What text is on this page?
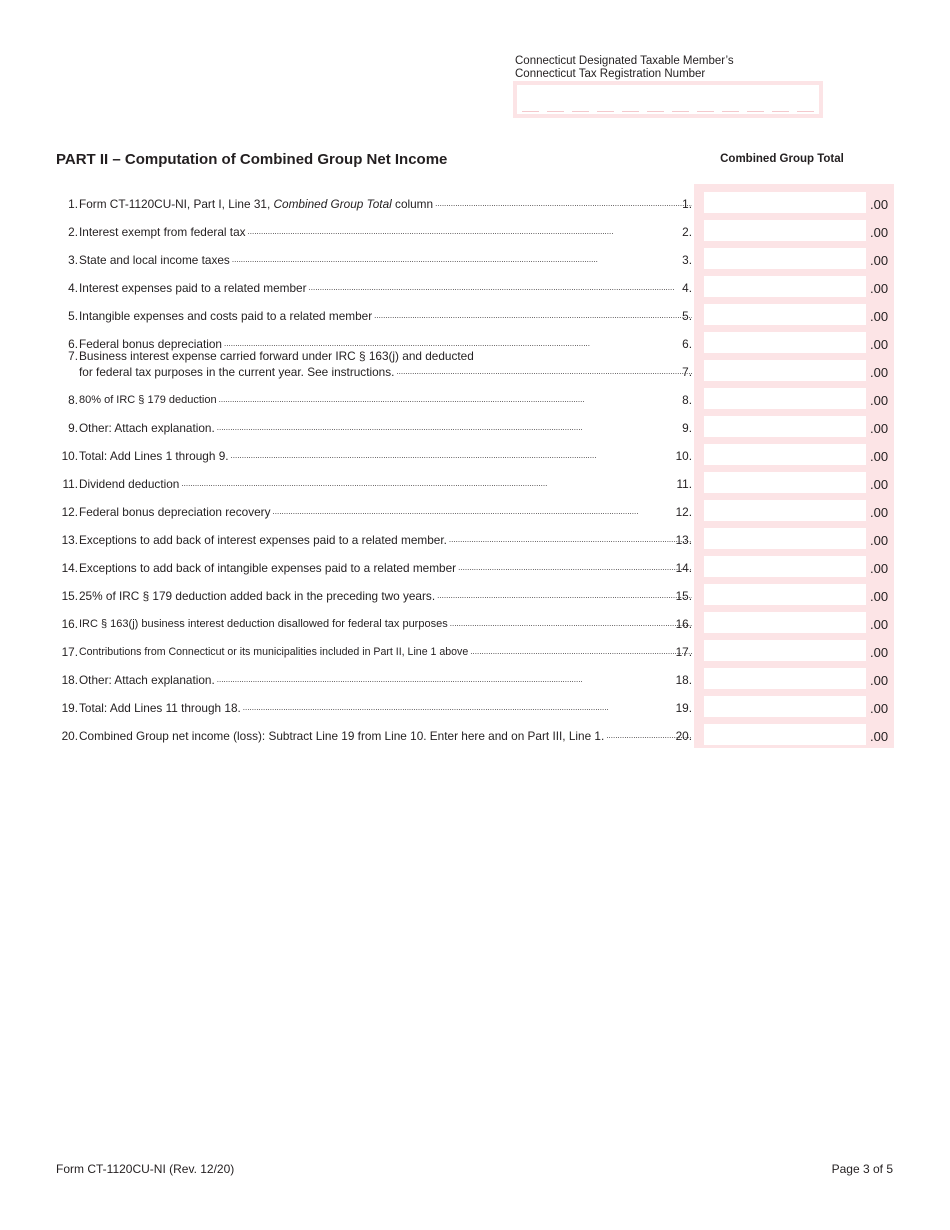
Connecticut Designated Taxable Member’s
Connecticut Tax Registration Number
PART II – Computation of Combined Group Net Income	Combined Group Total
1. Form CT-1120CU-NI, Part I, Line 31, Combined Group Total column . . .	1.	.00
2. Interest exempt from federal tax . . .	2.	.00
3. State and local income taxes . . .	3.	.00
4. Interest expenses paid to a related member . . .	4.	.00
5. Intangible expenses and costs paid to a related member . . .	5.	.00
6. Federal bonus depreciation . . .	6.	.00
7. Business interest expense carried forward under IRC § 163(j) and deducted
for federal tax purposes in the current year. See instructions. . . .	7.	.00
8. 80% of IRC § 179 deduction . . .	8.	.00
9. Other: Attach explanation. . . .	9.	.00
10. Total: Add Lines 1 through 9. . . .	10.	.00
11. Dividend deduction . . .	11.	.00
12. Federal bonus depreciation recovery . . .	12.	.00
13. Exceptions to add back of interest expenses paid to a related member. . . .	13.	.00
14. Exceptions to add back of intangible expenses paid to a related member . . .	14.	.00
15. 25% of IRC § 179 deduction added back in the preceding two years. . . .	15.	.00
16. IRC § 163(j) business interest deduction disallowed for federal tax purposes . . .	16.	.00
17. Contributions from Connecticut or its municipalities included in Part II, Line 1 above . . .	17.	.00
18. Other: Attach explanation. . . .	18.	.00
19. Total: Add Lines 11 through 18. . . .	19.	.00
20. Combined Group net income (loss): Subtract Line 19 from Line 10. Enter here and on Part III, Line 1. . . .	20.	.00
Form CT-1120CU-NI (Rev. 12/20)	Page 3 of 5
